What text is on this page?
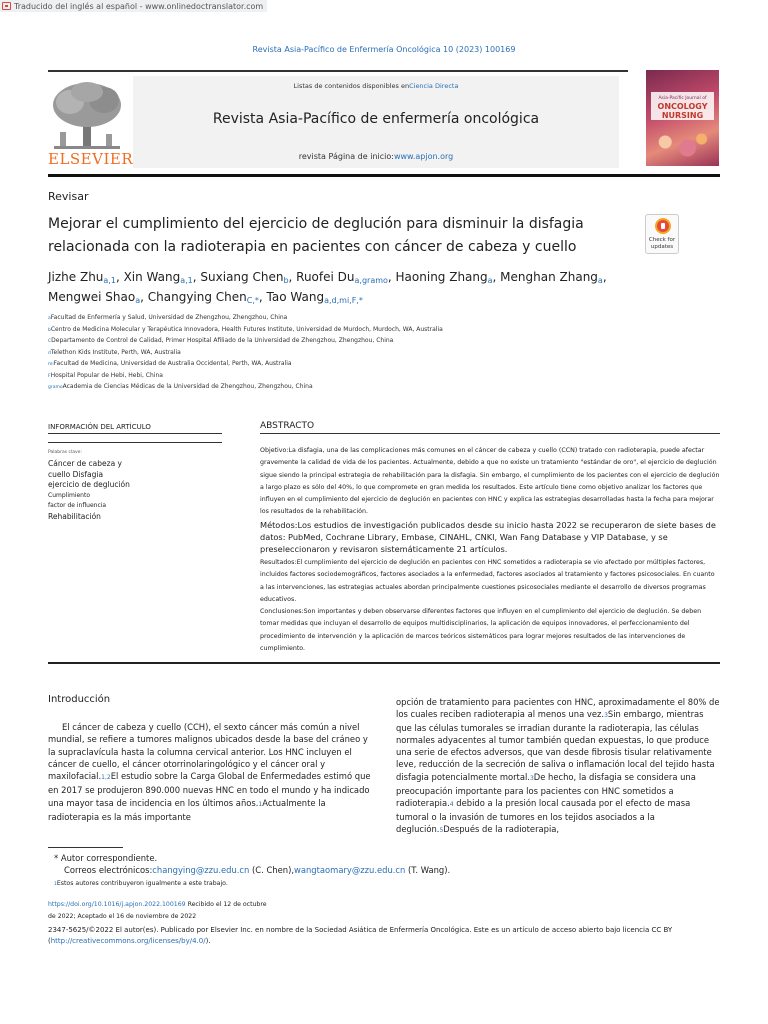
Traducido del inglés al español - www.onlinedoctranslator.com
Revista Asia-Pacífico de Enfermería Oncológica 10 (2023) 100169
Listas de contenidos disponibles enCiencia Directa
Revista Asia-Pacífico de enfermería oncológica
revista Página de inicio:www.apjon.org
ELSEVIER
Asia-Pacific Journal of
ONCOLOGY NURSING
Revisar
Mejorar el cumplimiento del ejercicio de deglución para disminuir la disfagia
relacionada con la radioterapia en pacientes con cáncer de cabeza y cuello	Check for updates
Jizhe Zhu$^{a,1}$, Xin Wang$^{a,1}$, Suxiang Chen$^b$, Ruofei $Du^{a,gramo}$, Haoning Zhang$^a$, Menghan Zhang$^a$,
Mengwei Shao$^a$, Changying Chen$^{C,*}$, Tao Wang$^{a,d,mi,F,*}$
aFacultad de Enfermería y Salud, Universidad de Zhengzhou, Zhengzhou, China
bCentro de Medicina Molecular y Terapéutica Innovadora, Health Futures Institute, Universidad de Murdoch, Murdoch, WA, Australia
CDepartamento de Control de Calidad, Primer Hospital Afiliado de la Universidad de Zhengzhou, Zhengzhou, China
dTelethon Kids Institute, Perth, WA, Australia
miFacultad de Medicina, Universidad de Australia Occidental, Perth, WA, Australia
FHospital Popular de Hebi, Hebi, China
gramoAcademia de Ciencias Médicas de la Universidad de Zhengzhou, Zhengzhou, China
INFORMACIÓN DEL ARTÍCULO
Palabras clave:
Cáncer de cabeza y
cuello Disfagia
ejercicio de deglución
Cumplimiento
factor de influencia
Rehabilitación
ABSTRACTO
Objetivo:La disfagia, una de las complicaciones más comunes en el cáncer de cabeza y cuello (CCN) tratado con radioterapia, puede afectar gravemente la calidad de vida de los pacientes. Actualmente, debido a que no existe un tratamiento "estándar de oro", el ejercicio de deglución sigue siendo la principal estrategia de rehabilitación para la disfagia. Sin embargo, el cumplimiento de los pacientes con el ejercicio de deglución a largo plazo es sólo del 40%, lo que compromete en gran medida los resultados. Este artículo tiene como objetivo analizar los factores que influyen en el cumplimiento del ejercicio de deglución en pacientes con HNC y explica las estrategias desarrolladas hasta la fecha para mejorar los resultados de la rehabilitación.
Métodos:Los estudios de investigación publicados desde su inicio hasta 2022 se recuperaron de siete bases de datos: PubMed, Cochrane Library, Embase, CINAHL, CNKI, Wan Fang Database y VIP Database, y se preseleccionaron y revisaron sistemáticamente 21 artículos.
Resultados:El cumplimiento del ejercicio de deglución en pacientes con HNC sometidos a radioterapia se vio afectado por múltiples factores, incluidos factores sociodemográficos, factores asociados a la enfermedad, factores asociados al tratamiento y factores psicosociales. En cuanto a las intervenciones, las estrategias actuales abordan principalmente cuestiones psicosociales mediante el desarrollo de diversos programas educativos.
Conclusiones:Son importantes y deben observarse diferentes factores que influyen en el cumplimiento del ejercicio de deglución. Se deben tomar medidas que incluyan el desarrollo de equipos multidisciplinarios, la aplicación de equipos innovadores, el perfeccionamiento del procedimiento de intervención y la aplicación de marcos teóricos sistemáticos para lograr mejores resultados de las intervenciones de cumplimiento.
Introducción
El cáncer de cabeza y cuello (CCH), el sexto cáncer más común a nivel mundial, se refiere a tumores malignos ubicados desde la base del cráneo y la supraclavícula hasta la columna cervical anterior. Los HNC incluyen el cáncer de cuello, el cáncer otorrinolaringológico y el cáncer oral y maxilofacial.1,2El estudio sobre la Carga Global de Enfermedades estimó que en 2017 se produjeron 890.000 nuevas HNC en todo el mundo y ha indicado una mayor tasa de incidencia en los últimos años.1Actualmente la radioterapia es la más importante
opción de tratamiento para pacientes con HNC, aproximadamente el 80% de los cuales reciben radioterapia al menos una vez.3Sin embargo, mientras que las células tumorales se irradian durante la radioterapia, las células normales adyacentes al tumor también quedan expuestas, lo que produce una serie de efectos adversos, que van desde fibrosis tisular relativamente leve, reducción de la secreción de saliva o inflamación local del tejido hasta disfagia potencialmente mortal.3De hecho, la disfagia se considera una preocupación importante para los pacientes con HNC sometidos a radioterapia.4 debido a la presión local causada por el efecto de masa tumoral o la invasión de tumores en los tejidos asociados a la deglución.5Después de la radioterapia,
* Autor correspondiente.
Correos electrónicos:changying@zzu.edu.cn (C. Chen),wangtaomary@zzu.edu.cn (T. Wang).
1Estos autores contribuyeron igualmente a este trabajo.
https://doi.org/10.1016/j.apjon.2022.100169 Recibido el 12 de octubre
de 2022; Aceptado el 16 de noviembre de 2022
2347-5625/©2022 El autor(es). Publicado por Elsevier Inc. en nombre de la Sociedad Asiática de Enfermería Oncológica. Este es un artículo de acceso abierto bajo licencia CC BY (http://creativecommons.org/licenses/by/4.0/).
